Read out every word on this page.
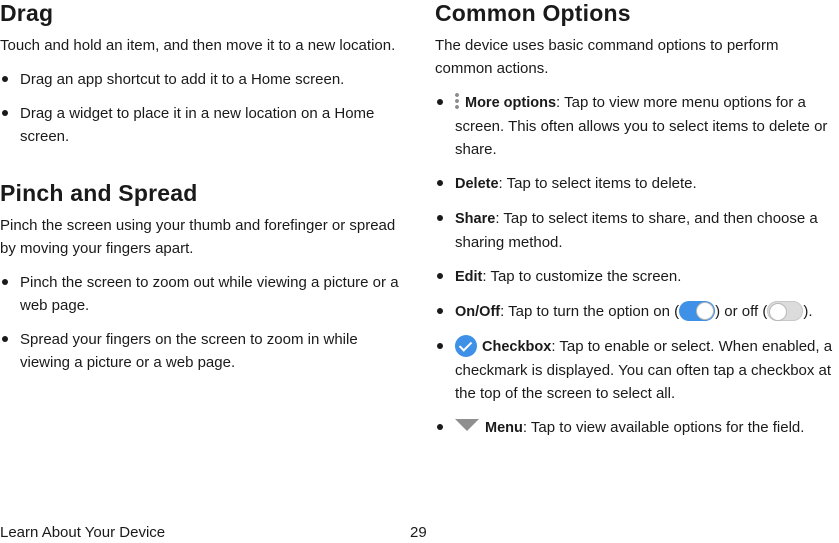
Drag

Touch and hold an item, and then move it to a new location.

Drag an app shortcut to add it to a Home screen.
Drag a widget to place it in a new location on a Home screen.
Pinch and Spread

Pinch the screen using your thumb and forefinger or spread by moving your fingers apart.

Pinch the screen to zoom out while viewing a picture or a web page.
Spread your fingers on the screen to zoom in while viewing a picture or a web page.
Common Options

The device uses basic command options to perform common actions.

More options: Tap to view more menu options for a screen. This often allows you to select items to delete or share.
Delete: Tap to select items to delete.
Share: Tap to select items to share, and then choose a sharing method.
Edit: Tap to customize the screen.
On/Off: Tap to turn the option on ( ) or off ( ).
Checkbox: Tap to enable or select. When enabled, a checkmark is displayed. You can often tap a checkbox at the top of the screen to select all.
Menu: Tap to view available options for the field.
Learn About Your Device	29
